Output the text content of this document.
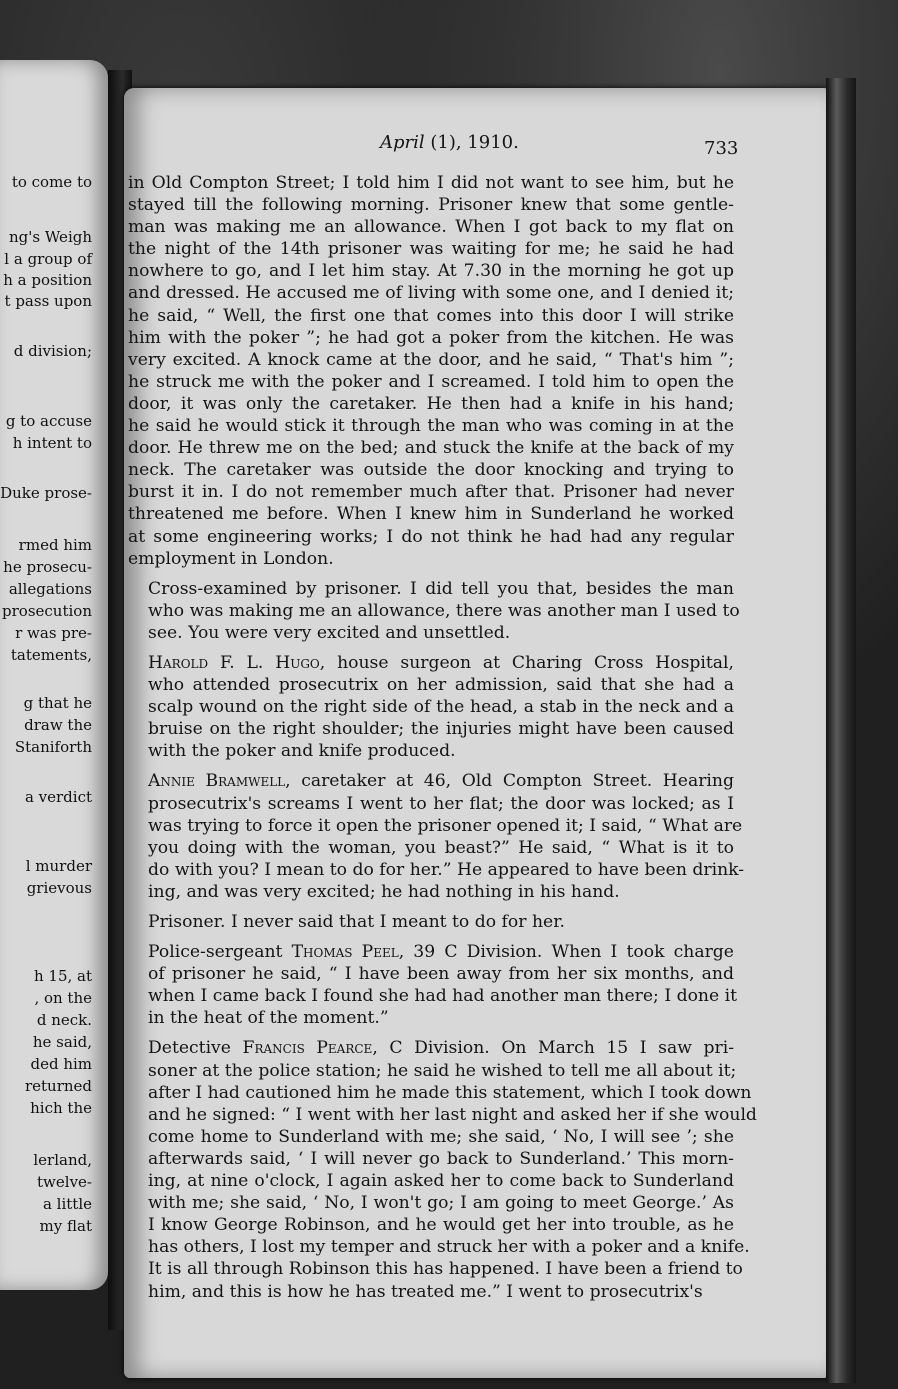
to come to
ng's Weigh
l a group of
h a position
t pass upon
d division;
g to accuse
h intent to
Duke prose-
rmed him
he prosecu-
allegations
prosecution
r was pre-
tatements,
g that he
draw the
Staniforth
a verdict
l murder
grievous
h 15, at
, on the
d neck.
he said,
ded him
returned
hich the
lerland,
twelve-
a little
my flat
April (1), 1910.	733
in Old Compton Street; I told him I did not want to see him, but he
stayed till the following morning. Prisoner knew that some gentle-
man was making me an allowance. When I got back to my flat on
the night of the 14th prisoner was waiting for me; he said he had
nowhere to go, and I let him stay. At 7.30 in the morning he got up
and dressed. He accused me of living with some one, and I denied it;
he said, “ Well, the first one that comes into this door I will strike
him with the poker ”; he had got a poker from the kitchen. He was
very excited. A knock came at the door, and he said, “ That's him ”;
he struck me with the poker and I screamed. I told him to open the
door, it was only the caretaker. He then had a knife in his hand;
he said he would stick it through the man who was coming in at the
door. He threw me on the bed; and stuck the knife at the back of my
neck. The caretaker was outside the door knocking and trying to
burst it in. I do not remember much after that. Prisoner had never
threatened me before. When I knew him in Sunderland he worked
at some engineering works; I do not think he had had any regular
employment in London.
Cross-examined by prisoner. I did tell you that, besides the man
who was making me an allowance, there was another man I used to
see. You were very excited and unsettled.
Harold F. L. Hugo, house surgeon at Charing Cross Hospital,
who attended prosecutrix on her admission, said that she had a
scalp wound on the right side of the head, a stab in the neck and a
bruise on the right shoulder; the injuries might have been caused
with the poker and knife produced.
Annie Bramwell, caretaker at 46, Old Compton Street. Hearing
prosecutrix's screams I went to her flat; the door was locked; as I
was trying to force it open the prisoner opened it; I said, “ What are
you doing with the woman, you beast?” He said, “ What is it to
do with you? I mean to do for her.” He appeared to have been drink-
ing, and was very excited; he had nothing in his hand.
Prisoner. I never said that I meant to do for her.
Police-sergeant Thomas Peel, 39 C Division. When I took charge
of prisoner he said, “ I have been away from her six months, and
when I came back I found she had had another man there; I done it
in the heat of the moment.”
Detective Francis Pearce, C Division. On March 15 I saw pri-
soner at the police station; he said he wished to tell me all about it;
after I had cautioned him he made this statement, which I took down
and he signed: “ I went with her last night and asked her if she would
come home to Sunderland with me; she said, ‘ No, I will see ’; she
afterwards said, ‘ I will never go back to Sunderland.’ This morn-
ing, at nine o'clock, I again asked her to come back to Sunderland
with me; she said, ‘ No, I won't go; I am going to meet George.’ As
I know George Robinson, and he would get her into trouble, as he
has others, I lost my temper and struck her with a poker and a knife.
It is all through Robinson this has happened. I have been a friend to
him, and this is how he has treated me.” I went to prosecutrix's
